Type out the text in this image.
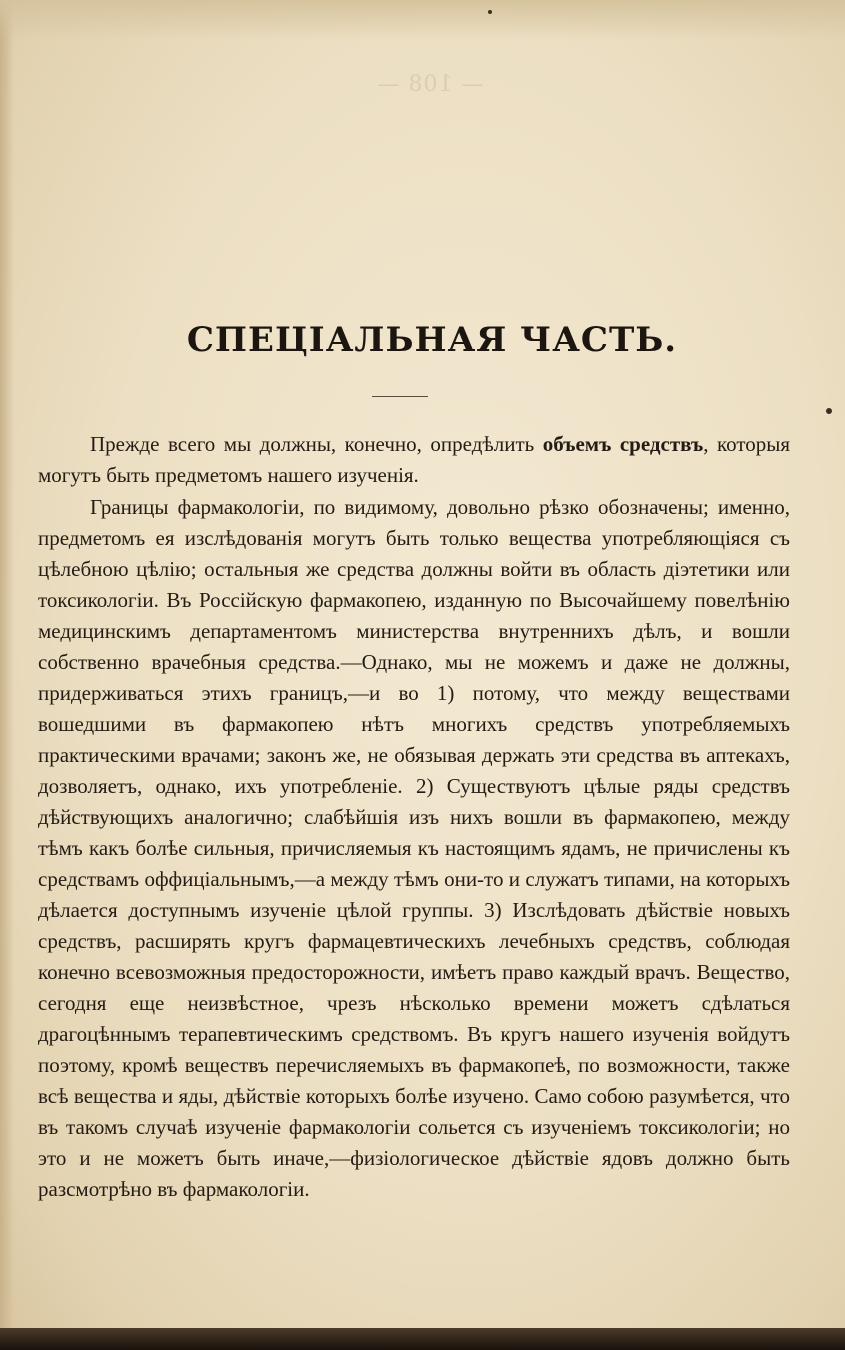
— 108 —
СПЕЦІАЛЬНАЯ ЧАСТЬ.

Прежде всего мы должны, конечно, опредѣлить объемъ средствъ, которыя могутъ быть предметомъ нашего изученія.

Границы фармакологіи, по видимому, довольно рѣзко обозначены; именно, предметомъ ея изслѣдованія могутъ быть только вещества употребляющіяся съ цѣлебною цѣлію; остальныя же средства должны войти въ область діэтетики или токсикологіи. Въ Россійскую фармакопею, изданную по Высочайшему повелѣнію медицинскимъ департаментомъ министерства внутреннихъ дѣлъ, и вошли собственно врачебныя средства.—Однако, мы не можемъ и даже не должны, придерживаться этихъ границъ,—и во 1) потому, что между веществами вошедшими въ фармакопею нѣтъ многихъ средствъ употребляемыхъ практическими врачами; законъ же, не обязывая держать эти средства въ аптекахъ, дозволяетъ, однако, ихъ употребленіе. 2) Существуютъ цѣлые ряды средствъ дѣйствующихъ аналогично; слабѣйшія изъ нихъ вошли въ фармакопею, между тѣмъ какъ болѣе сильныя, причисляемыя къ настоящимъ ядамъ, не причислены къ средствамъ оффиціальнымъ,—а между тѣмъ они-то и служатъ типами, на которыхъ дѣлается доступнымъ изученіе цѣлой группы. 3) Изслѣдовать дѣйствіе новыхъ средствъ, расширять кругъ фармацевтическихъ лечебныхъ средствъ, соблюдая конечно всевозможныя предосторожности, имѣетъ право каждый врачъ. Вещество, сегодня еще неизвѣстное, чрезъ нѣсколько времени можетъ сдѣлаться драгоцѣннымъ терапевтическимъ средствомъ. Въ кругъ нашего изученія войдутъ поэтому, кромѣ веществъ перечисляемыхъ въ фармакопеѣ, по возможности, также всѣ вещества и яды, дѣйствіе которыхъ болѣе изучено. Само собою разумѣется, что въ такомъ случаѣ изученіе фармакологіи сольется съ изученіемъ токсикологіи; но это и не можетъ быть иначе,—физіологическое дѣйствіе ядовъ должно быть разсмотрѣно въ фармакологіи.
